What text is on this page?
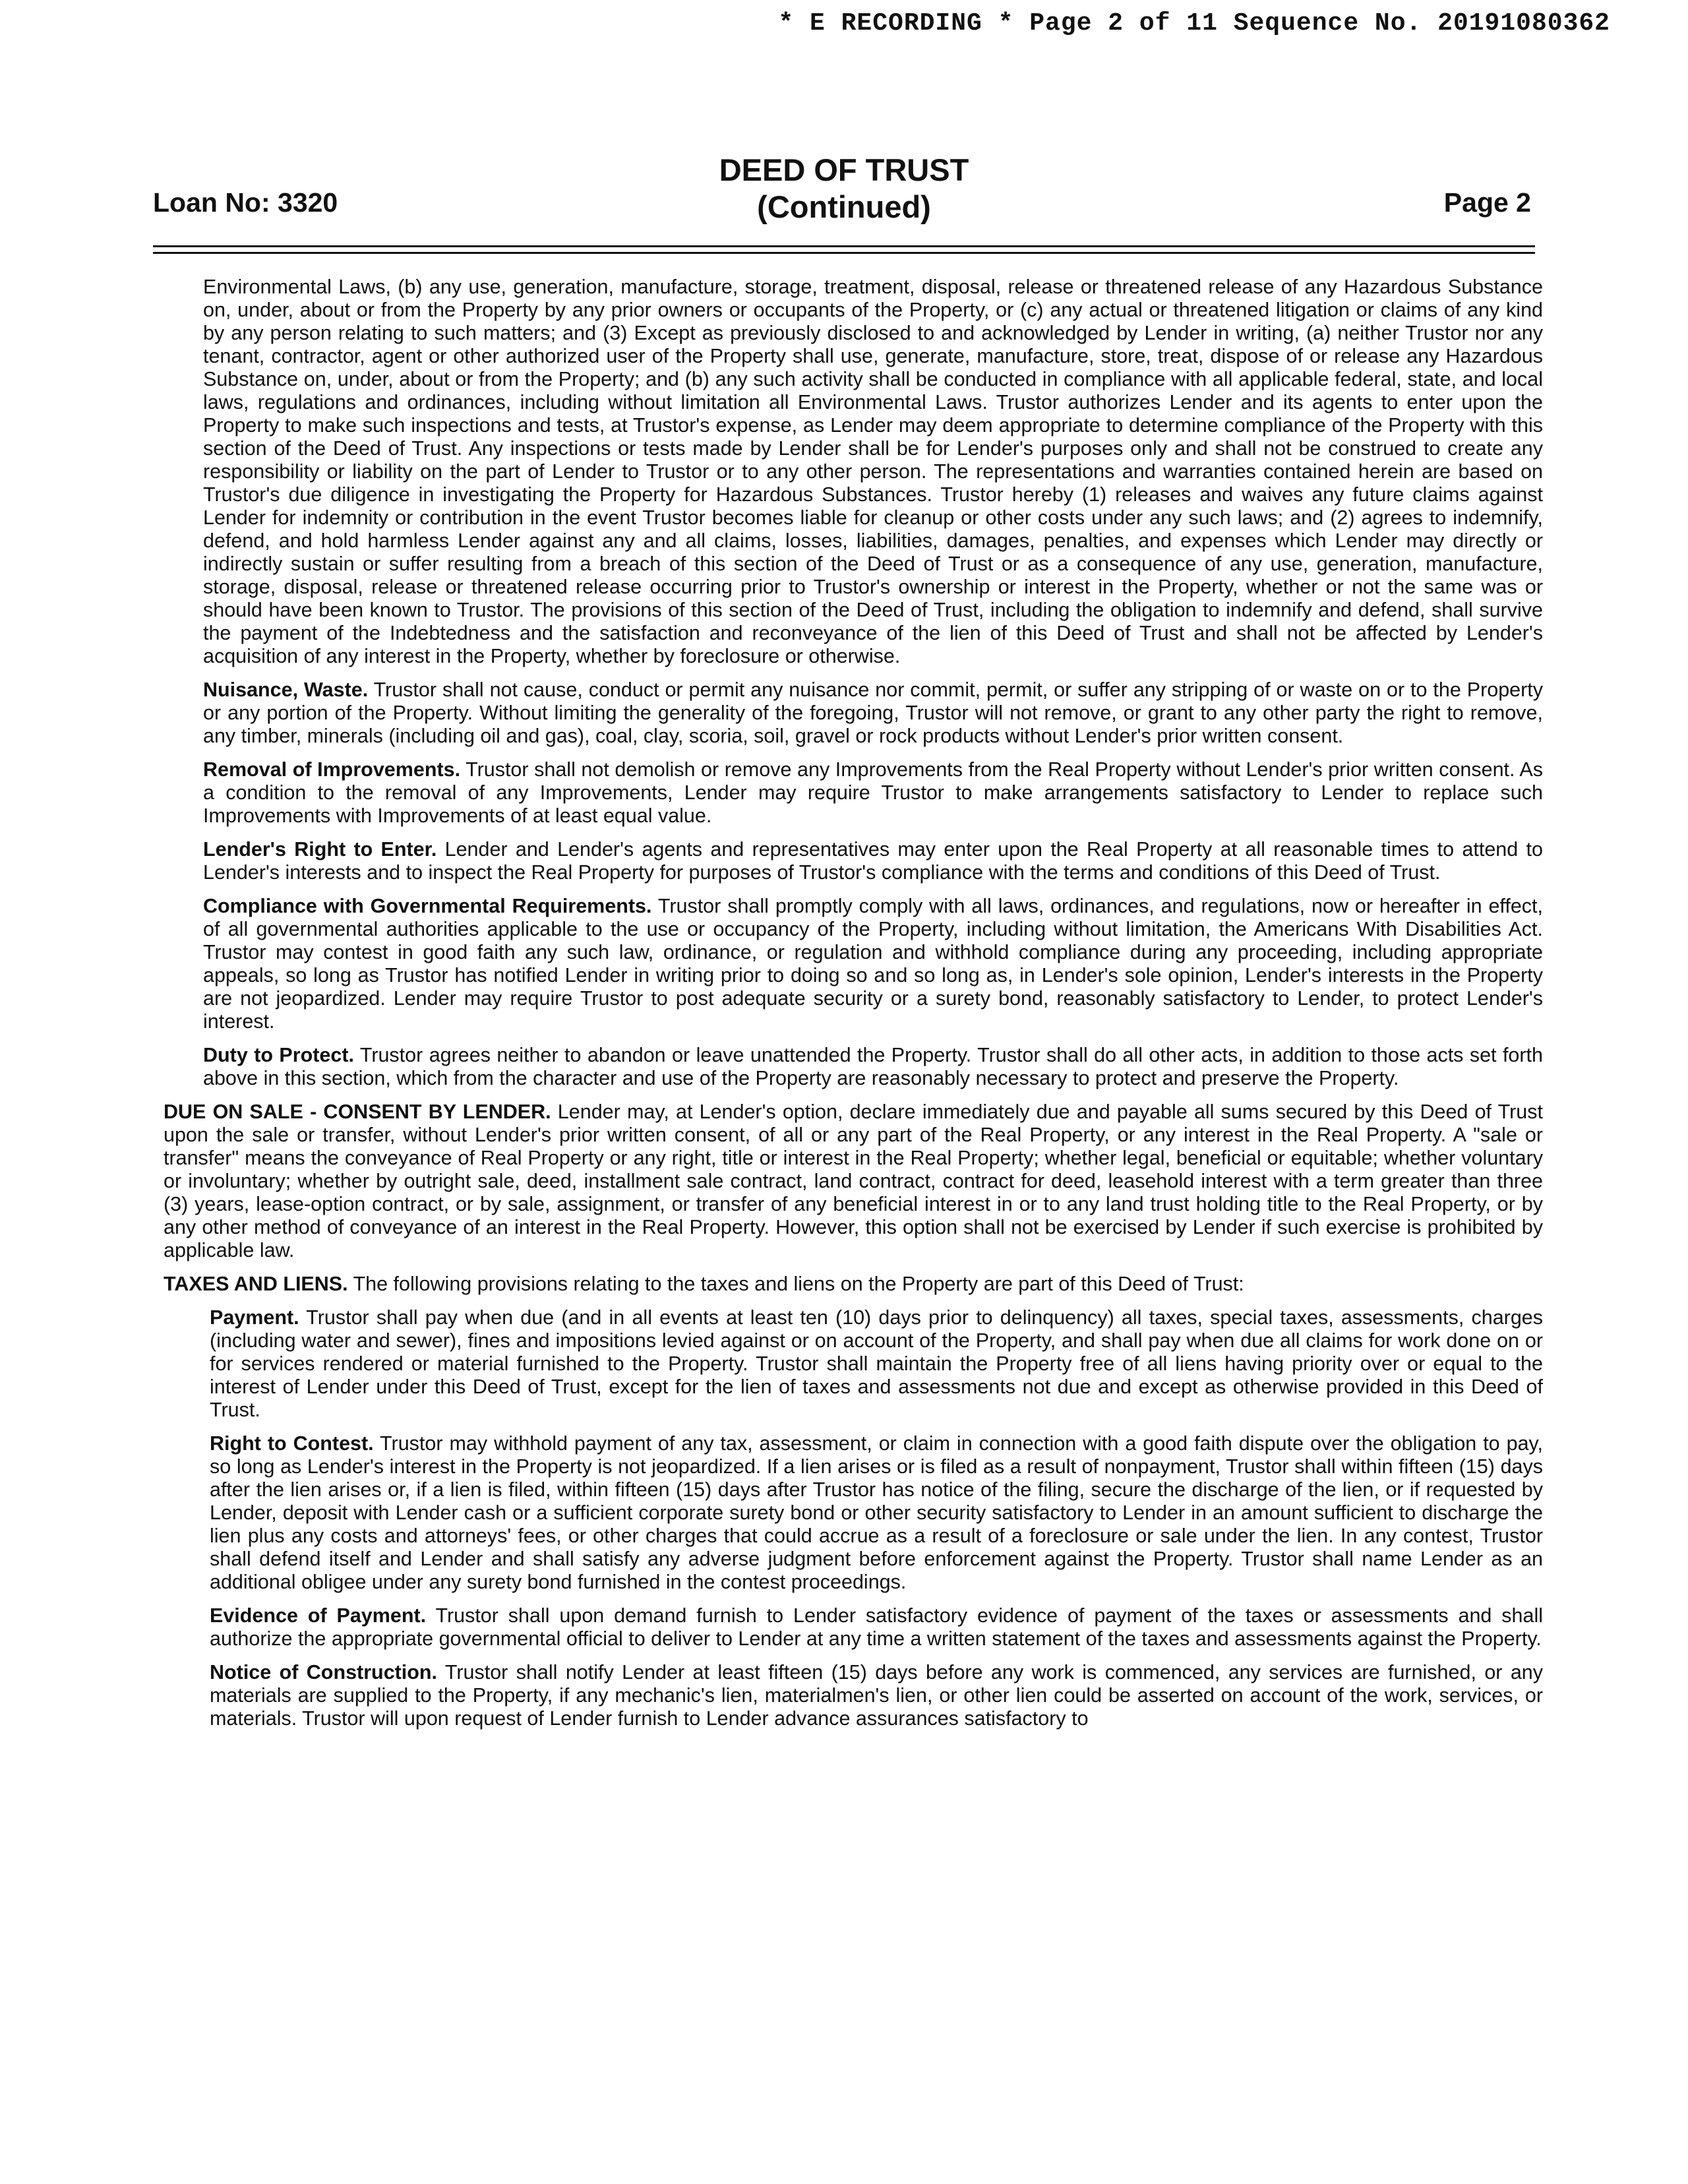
* E RECORDING * Page 2 of 11 Sequence No. 20191080362
Loan No: 3320
DEED OF TRUST
(Continued)	Page 2

Environmental Laws, (b) any use, generation, manufacture, storage, treatment, disposal, release or threatened release of any Hazardous Substance on, under, about or from the Property by any prior owners or occupants of the Property, or (c) any actual or threatened litigation or claims of any kind by any person relating to such matters; and (3) Except as previously disclosed to and acknowledged by Lender in writing, (a) neither Trustor nor any tenant, contractor, agent or other authorized user of the Property shall use, generate, manufacture, store, treat, dispose of or release any Hazardous Substance on, under, about or from the Property; and (b) any such activity shall be conducted in compliance with all applicable federal, state, and local laws, regulations and ordinances, including without limitation all Environmental Laws. Trustor authorizes Lender and its agents to enter upon the Property to make such inspections and tests, at Trustor's expense, as Lender may deem appropriate to determine compliance of the Property with this section of the Deed of Trust. Any inspections or tests made by Lender shall be for Lender's purposes only and shall not be construed to create any responsibility or liability on the part of Lender to Trustor or to any other person. The representations and warranties contained herein are based on Trustor's due diligence in investigating the Property for Hazardous Substances. Trustor hereby (1) releases and waives any future claims against Lender for indemnity or contribution in the event Trustor becomes liable for cleanup or other costs under any such laws; and (2) agrees to indemnify, defend, and hold harmless Lender against any and all claims, losses, liabilities, damages, penalties, and expenses which Lender may directly or indirectly sustain or suffer resulting from a breach of this section of the Deed of Trust or as a consequence of any use, generation, manufacture, storage, disposal, release or threatened release occurring prior to Trustor's ownership or interest in the Property, whether or not the same was or should have been known to Trustor. The provisions of this section of the Deed of Trust, including the obligation to indemnify and defend, shall survive the payment of the Indebtedness and the satisfaction and reconveyance of the lien of this Deed of Trust and shall not be affected by Lender's acquisition of any interest in the Property, whether by foreclosure or otherwise.

Nuisance, Waste. Trustor shall not cause, conduct or permit any nuisance nor commit, permit, or suffer any stripping of or waste on or to the Property or any portion of the Property. Without limiting the generality of the foregoing, Trustor will not remove, or grant to any other party the right to remove, any timber, minerals (including oil and gas), coal, clay, scoria, soil, gravel or rock products without Lender's prior written consent.

Removal of Improvements. Trustor shall not demolish or remove any Improvements from the Real Property without Lender's prior written consent. As a condition to the removal of any Improvements, Lender may require Trustor to make arrangements satisfactory to Lender to replace such Improvements with Improvements of at least equal value.

Lender's Right to Enter. Lender and Lender's agents and representatives may enter upon the Real Property at all reasonable times to attend to Lender's interests and to inspect the Real Property for purposes of Trustor's compliance with the terms and conditions of this Deed of Trust.

Compliance with Governmental Requirements. Trustor shall promptly comply with all laws, ordinances, and regulations, now or hereafter in effect, of all governmental authorities applicable to the use or occupancy of the Property, including without limitation, the Americans With Disabilities Act. Trustor may contest in good faith any such law, ordinance, or regulation and withhold compliance during any proceeding, including appropriate appeals, so long as Trustor has notified Lender in writing prior to doing so and so long as, in Lender's sole opinion, Lender's interests in the Property are not jeopardized. Lender may require Trustor to post adequate security or a surety bond, reasonably satisfactory to Lender, to protect Lender's interest.

Duty to Protect. Trustor agrees neither to abandon or leave unattended the Property. Trustor shall do all other acts, in addition to those acts set forth above in this section, which from the character and use of the Property are reasonably necessary to protect and preserve the Property.

DUE ON SALE - CONSENT BY LENDER. Lender may, at Lender's option, declare immediately due and payable all sums secured by this Deed of Trust upon the sale or transfer, without Lender's prior written consent, of all or any part of the Real Property, or any interest in the Real Property. A "sale or transfer" means the conveyance of Real Property or any right, title or interest in the Real Property; whether legal, beneficial or equitable; whether voluntary or involuntary; whether by outright sale, deed, installment sale contract, land contract, contract for deed, leasehold interest with a term greater than three (3) years, lease-option contract, or by sale, assignment, or transfer of any beneficial interest in or to any land trust holding title to the Real Property, or by any other method of conveyance of an interest in the Real Property. However, this option shall not be exercised by Lender if such exercise is prohibited by applicable law.

TAXES AND LIENS. The following provisions relating to the taxes and liens on the Property are part of this Deed of Trust:

Payment. Trustor shall pay when due (and in all events at least ten (10) days prior to delinquency) all taxes, special taxes, assessments, charges (including water and sewer), fines and impositions levied against or on account of the Property, and shall pay when due all claims for work done on or for services rendered or material furnished to the Property. Trustor shall maintain the Property free of all liens having priority over or equal to the interest of Lender under this Deed of Trust, except for the lien of taxes and assessments not due and except as otherwise provided in this Deed of Trust.

Right to Contest. Trustor may withhold payment of any tax, assessment, or claim in connection with a good faith dispute over the obligation to pay, so long as Lender's interest in the Property is not jeopardized. If a lien arises or is filed as a result of nonpayment, Trustor shall within fifteen (15) days after the lien arises or, if a lien is filed, within fifteen (15) days after Trustor has notice of the filing, secure the discharge of the lien, or if requested by Lender, deposit with Lender cash or a sufficient corporate surety bond or other security satisfactory to Lender in an amount sufficient to discharge the lien plus any costs and attorneys' fees, or other charges that could accrue as a result of a foreclosure or sale under the lien. In any contest, Trustor shall defend itself and Lender and shall satisfy any adverse judgment before enforcement against the Property. Trustor shall name Lender as an additional obligee under any surety bond furnished in the contest proceedings.

Evidence of Payment. Trustor shall upon demand furnish to Lender satisfactory evidence of payment of the taxes or assessments and shall authorize the appropriate governmental official to deliver to Lender at any time a written statement of the taxes and assessments against the Property.

Notice of Construction. Trustor shall notify Lender at least fifteen (15) days before any work is commenced, any services are furnished, or any materials are supplied to the Property, if any mechanic's lien, materialmen's lien, or other lien could be asserted on account of the work, services, or materials. Trustor will upon request of Lender furnish to Lender advance assurances satisfactory to
